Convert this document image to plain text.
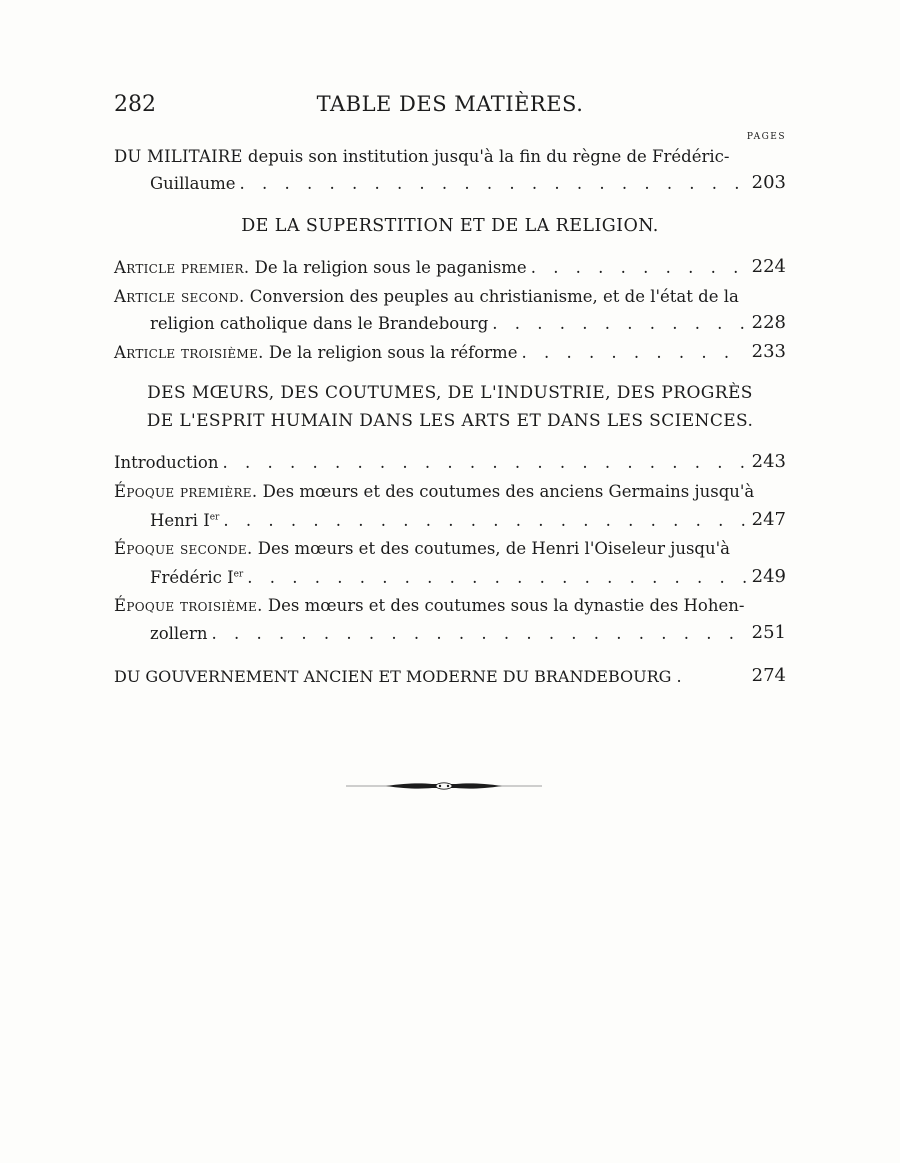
282	TABLE DES MATIÈRES.
PAGES
DU MILITAIRE depuis son institution jusqu'à la fin du règne de Frédéric-
Guillaume . . .	203
DE LA SUPERSTITION ET DE LA RELIGION.
Article premier. De la religion sous le paganisme . . .	224
Article second. Conversion des peuples au christianisme, et de l'état de la
religion catholique dans le Brandebourg . . .	228
Article troisième. De la religion sous la réforme . . .	233
DES MŒURS, DES COUTUMES, DE L'INDUSTRIE, DES PROGRÈS
DE L'ESPRIT HUMAIN DANS LES ARTS ET DANS LES SCIENCES.
Introduction . . .	243
Époque première. Des mœurs et des coutumes des anciens Germains jusqu'à
Henri Ier . . .	247
Époque seconde. Des mœurs et des coutumes, de Henri l'Oiseleur jusqu'à
Frédéric Ier . . .	249
Époque troisième. Des mœurs et des coutumes sous la dynastie des Hohen-
zollern . . .	251
DU GOUVERNEMENT ANCIEN ET MODERNE DU BRANDEBOURG .	274
